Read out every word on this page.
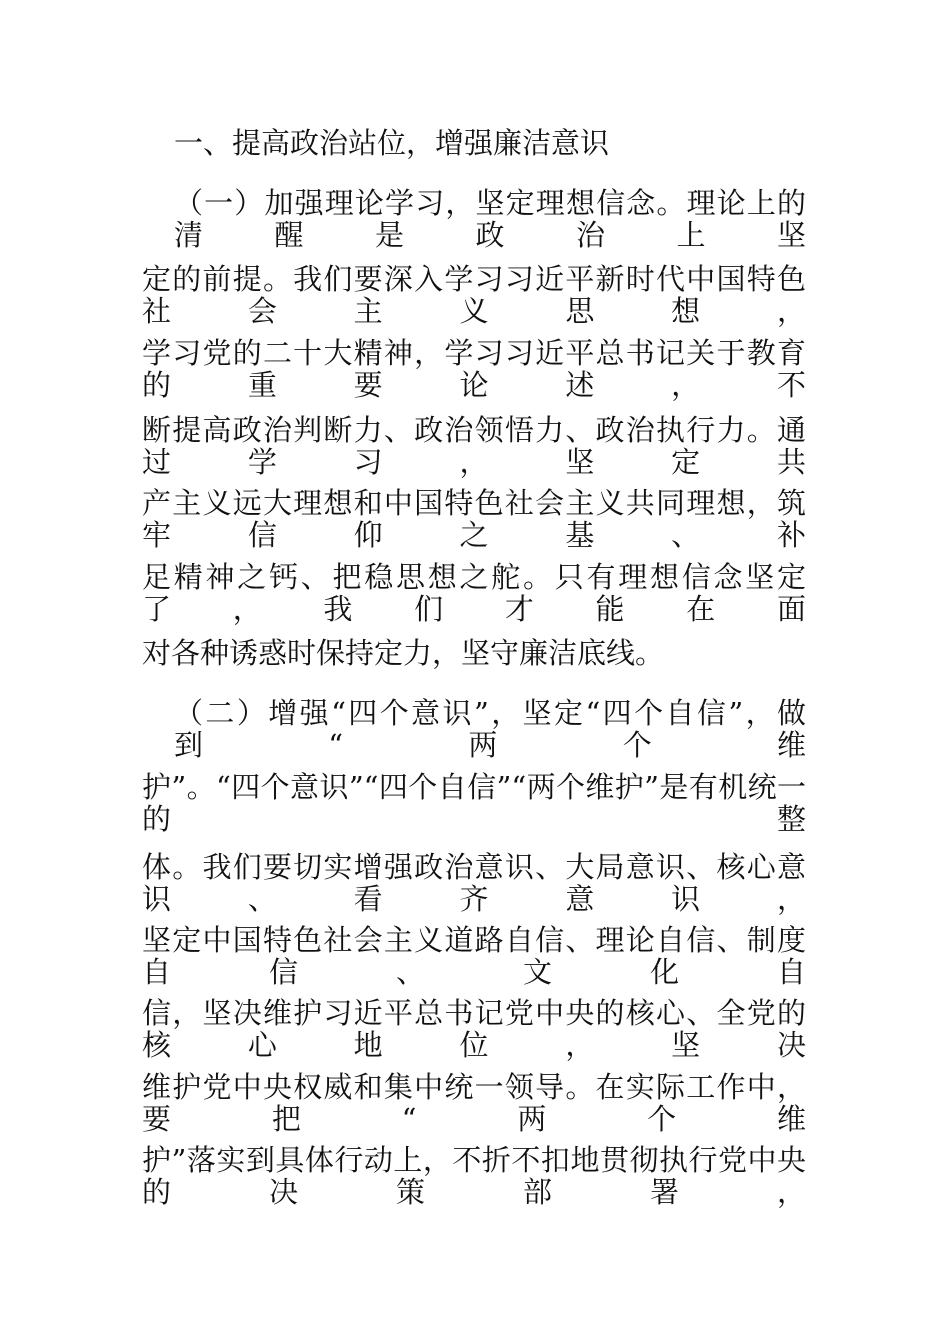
一、提高政治站位，增强廉洁意识
（一）加强理论学习，坚定理想信念。理论上的清醒是政治上坚
定的前提。我们要深入学习习近平新时代中国特色社会主义思想，
学习党的二十大精神，学习习近平总书记关于教育的重要论述，不
断提高政治判断力、政治领悟力、政治执行力。通过学习，坚定共
产主义远大理想和中国特色社会主义共同理想，筑牢信仰之基、补
足精神之钙、把稳思想之舵。只有理想信念坚定了，我们才能在面
对各种诱惑时保持定力，坚守廉洁底线。
（二）增强“四个意识”，坚定“四个自信”，做到“两个维
护”。“四个意识”“四个自信”“两个维护”是有机统一的整
体。我们要切实增强政治意识、大局意识、核心意识、看齐意识，
坚定中国特色社会主义道路自信、理论自信、制度自信、文化自
信，坚决维护习近平总书记党中央的核心、全党的核心地位，坚决
维护党中央权威和集中统一领导。在实际工作中，要把“两个维
护”落实到具体行动上，不折不扣地贯彻执行党中央的决策部署，
